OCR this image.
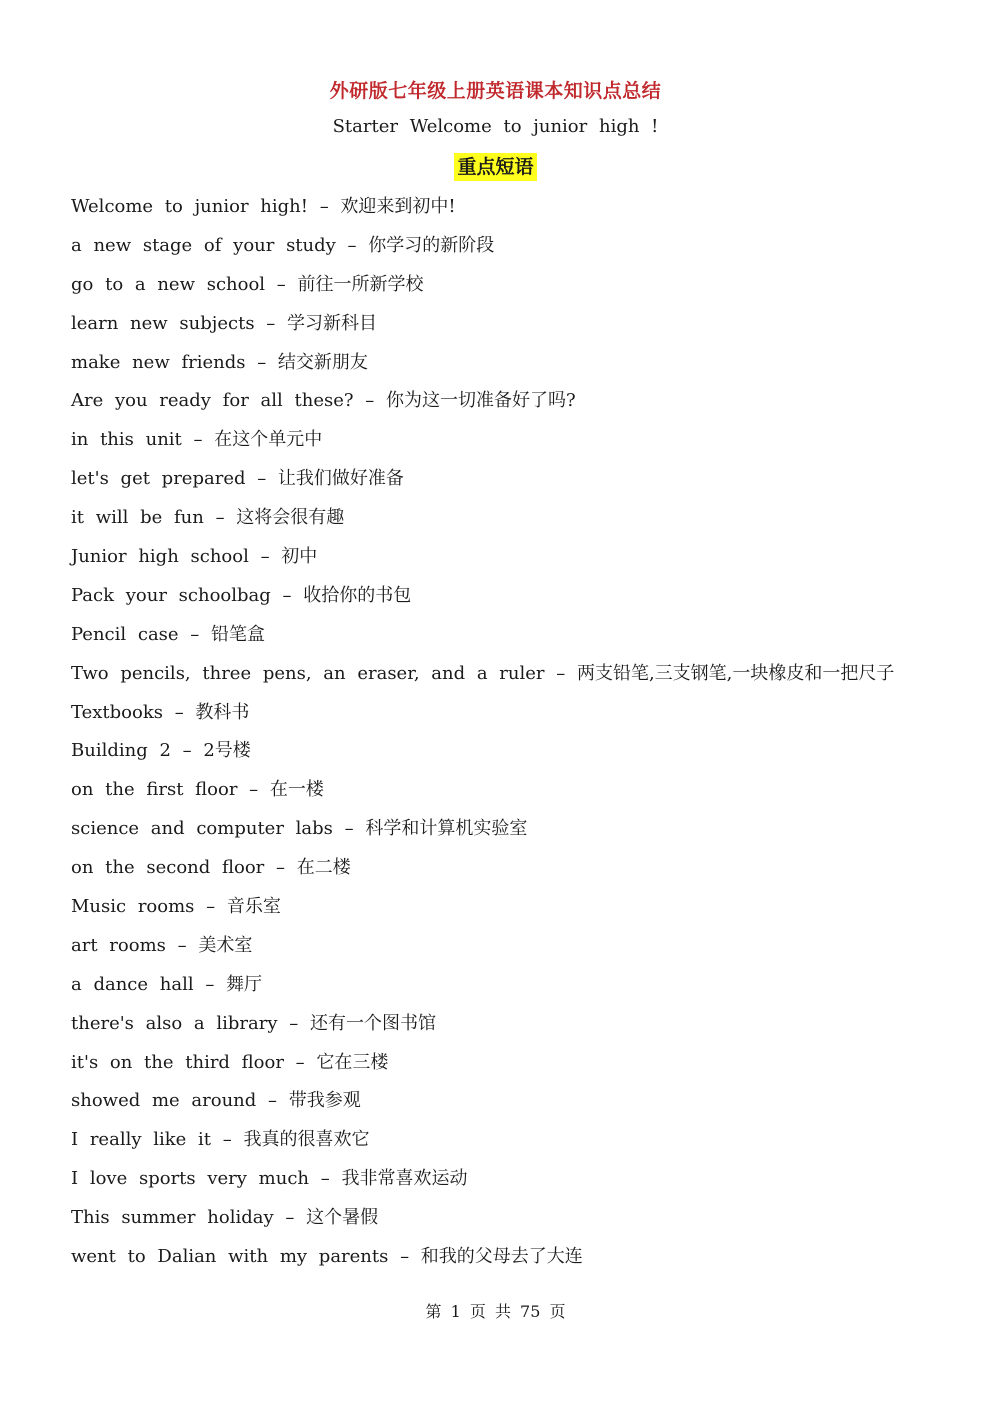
外研版七年级上册英语课本知识点总结
Starter Welcome to junior high !
重点短语
Welcome to junior high! – 欢迎来到初中!
a new stage of your study – 你学习的新阶段
go to a new school – 前往一所新学校
learn new subjects – 学习新科目
make new friends – 结交新朋友
Are you ready for all these? – 你为这一切准备好了吗?
in this unit – 在这个单元中
let's get prepared – 让我们做好准备
it will be fun – 这将会很有趣
Junior high school – 初中
Pack your schoolbag – 收拾你的书包
Pencil case – 铅笔盒
Two pencils, three pens, an eraser, and a ruler – 两支铅笔,三支钢笔,一块橡皮和一把尺子
Textbooks – 教科书
Building 2 – 2号楼
on the first floor – 在一楼
science and computer labs – 科学和计算机实验室
on the second floor – 在二楼
Music rooms – 音乐室
art rooms – 美术室
a dance hall – 舞厅
there's also a library – 还有一个图书馆
it's on the third floor – 它在三楼
showed me around – 带我参观
I really like it – 我真的很喜欢它
I love sports very much – 我非常喜欢运动
This summer holiday – 这个暑假
went to Dalian with my parents – 和我的父母去了大连
第 1 页 共 75 页
